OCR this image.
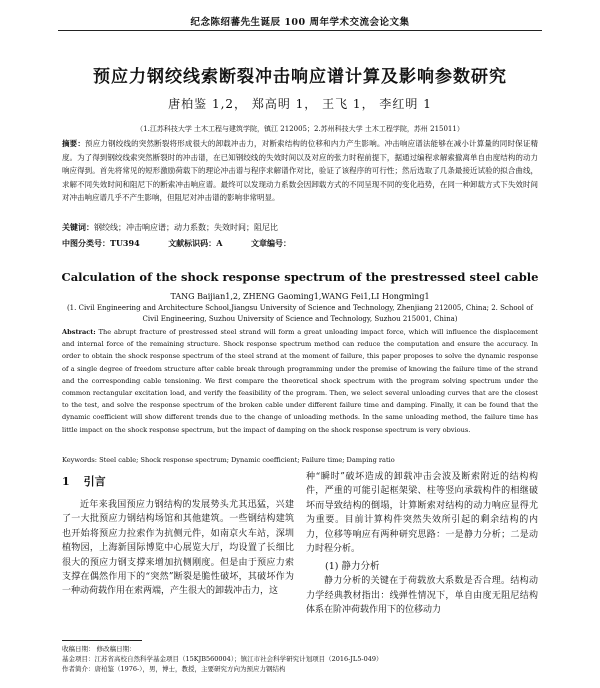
纪念陈绍蕃先生诞辰 100 周年学术交流会论文集
预应力钢绞线索断裂冲击响应谱计算及影响参数研究
唐柏鉴 1,2， 郑高明 1， 王飞 1， 李红明 1
（1.江苏科技大学 土木工程与建筑学院，镇江 212005；2.苏州科技大学 土木工程学院，苏州 215011）

摘要：预应力钢绞线的突然断裂将形成很大的卸载冲击力，对断索结构的位移和内力产生影响。冲击响应谱法能够在减小计算量的同时保证精度。为了得到钢绞线索突然断裂时的冲击谱，在已知钢绞线的失效时间以及对应的张力时程前提下，据通过编程求解索撤离单自由度结构的动力响应得到。首先将常见的短形激励荷载下的理论冲击谱与程序求解谱作对比，验证了该程序的可行性；然后选取了几条最接近试验的拟合曲线，求解不同失效时间和阻尼下的断索冲击响应谱。最终可以发现动力系数会因卸载方式的不同呈现不同的变化趋势，在同一种卸载方式下失效时间对冲击响应谱几乎不产生影响，但阻尼对冲击谱的影响非常明显。

关键词：钢绞线；冲击响应谱；动力系数；失效时间；阻尼比

中图分类号：TU394	文献标识码：A	文章编号：

Calculation of the shock response spectrum of the prestressed steel cable
TANG Baijian1,2, ZHENG Gaoming1,WANG Fei1,LI Hongming1

(1. Civil Engineering and Architecture School,Jiangsu University of Science and Technology, Zhenjiang 212005, China; 2. School of Civil Engineering, Suzhou University of Science and Technology, Suzhou 215001, China)

Abstract: The abrupt fracture of prestressed steel strand will form a great unloading impact force, which will influence the displacement and internal force of the remaining structure. Shock response spectrum method can reduce the computation and ensure the accuracy. In order to obtain the shock response spectrum of the steel strand at the moment of failure, this paper proposes to solve the dynamic response of a single degree of freedom structure after cable break through programming under the premise of knowing the failure time of the strand and the corresponding cable tensioning. We first compare the theoretical shock spectrum with the program solving spectrum under the common rectangular excitation load, and verify the feasibility of the program. Then, we select several unloading curves that are the closest to the test, and solve the response spectrum of the broken cable under different failure time and damping. Finally, it can be found that the dynamic coefficient will show different trends due to the change of unloading methods. In the same unloading method, the failure time has little impact on the shock response spectrum, but the impact of damping on the shock response spectrum is very obvious.

Keywords: Steel cable; Shock response spectrum; Dynamic coefficient; Failure time; Damping ratio

1 引言

近年来我国预应力钢结构的发展势头尤其迅猛，兴建了一大批预应力钢结构场馆和其他建筑。一些钢结构建筑也开始将预应力拉索作为抗侧元件，如南京火车站，深圳植物园，上海新国际博览中心展览大厅，均设置了长细比很大的预应力钢支撑来增加抗侧刚度。但是由于预应力索支撑在偶然作用下的“突然”断裂是脆性破坏，其破坏作为一种动荷载作用在索两端，产生很大的卸载冲击力，这

种“瞬时”破坏造成的卸载冲击会波及断索附近的结构构件，严重的可能引起框架梁、柱等竖向承载构件的相继破坏而导致结构的倒塌，计算断索对结构的动力响应显得尤为重要。目前计算构件突然失效所引起的剩余结构的内力，位移等响应有两种研究思路：一是静力分析；二是动力时程分析。

(1) 静力分析

静力分析的关键在于荷载放大系数是否合理。结构动力学经典教材指出：线弹性情况下，单自由度无阻尼结构体系在阶冲荷载作用下的位移动力

收稿日期： 修改稿日期：
基金项目：江苏省高校自然科学基金项目（15KJB560004）；镇江市社会科学研究计划项目（2016-JL5-049）
作者简介：唐柏鉴（1976-），男，博士，教授，主要研究方向为预应力钢结构
